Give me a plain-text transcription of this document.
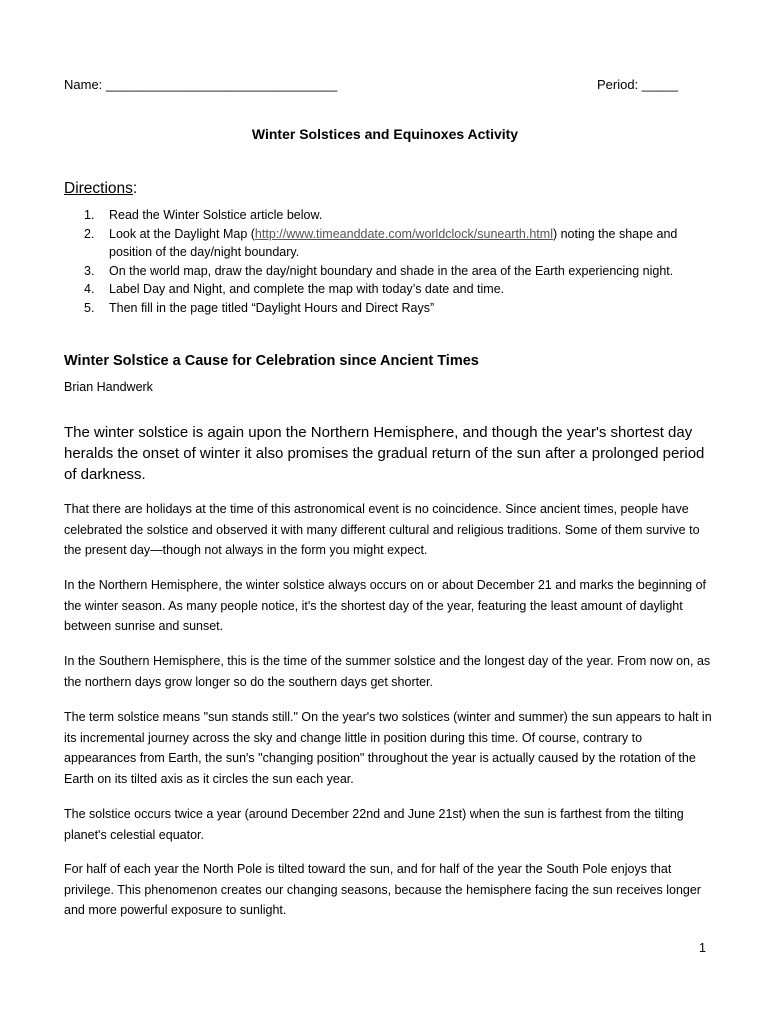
Name: ________________________________	Period: _____
Winter Solstices and Equinoxes Activity
Directions:
1. Read the Winter Solstice article below.
2. Look at the Daylight Map (http://www.timeanddate.com/worldclock/sunearth.html) noting the shape and position of the day/night boundary.
3. On the world map, draw the day/night boundary and shade in the area of the Earth experiencing night.
4. Label Day and Night, and complete the map with today’s date and time.
5. Then fill in the page titled “Daylight Hours and Direct Rays”
Winter Solstice a Cause for Celebration since Ancient Times
Brian Handwerk

The winter solstice is again upon the Northern Hemisphere, and though the year's shortest day heralds the onset of winter it also promises the gradual return of the sun after a prolonged period of darkness.

That there are holidays at the time of this astronomical event is no coincidence. Since ancient times, people have celebrated the solstice and observed it with many different cultural and religious traditions. Some of them survive to the present day—though not always in the form you might expect.

In the Northern Hemisphere, the winter solstice always occurs on or about December 21 and marks the beginning of the winter season. As many people notice, it's the shortest day of the year, featuring the least amount of daylight between sunrise and sunset.

In the Southern Hemisphere, this is the time of the summer solstice and the longest day of the year. From now on, as the northern days grow longer so do the southern days get shorter.

The term solstice means "sun stands still." On the year's two solstices (winter and summer) the sun appears to halt in its incremental journey across the sky and change little in position during this time. Of course, contrary to appearances from Earth, the sun's "changing position" throughout the year is actually caused by the rotation of the Earth on its tilted axis as it circles the sun each year.

The solstice occurs twice a year (around December 22nd and June 21st) when the sun is farthest from the tilting planet's celestial equator.

For half of each year the North Pole is tilted toward the sun, and for half of the year the South Pole enjoys that privilege. This phenomenon creates our changing seasons, because the hemisphere facing the sun receives longer and more powerful exposure to sunlight.

1
